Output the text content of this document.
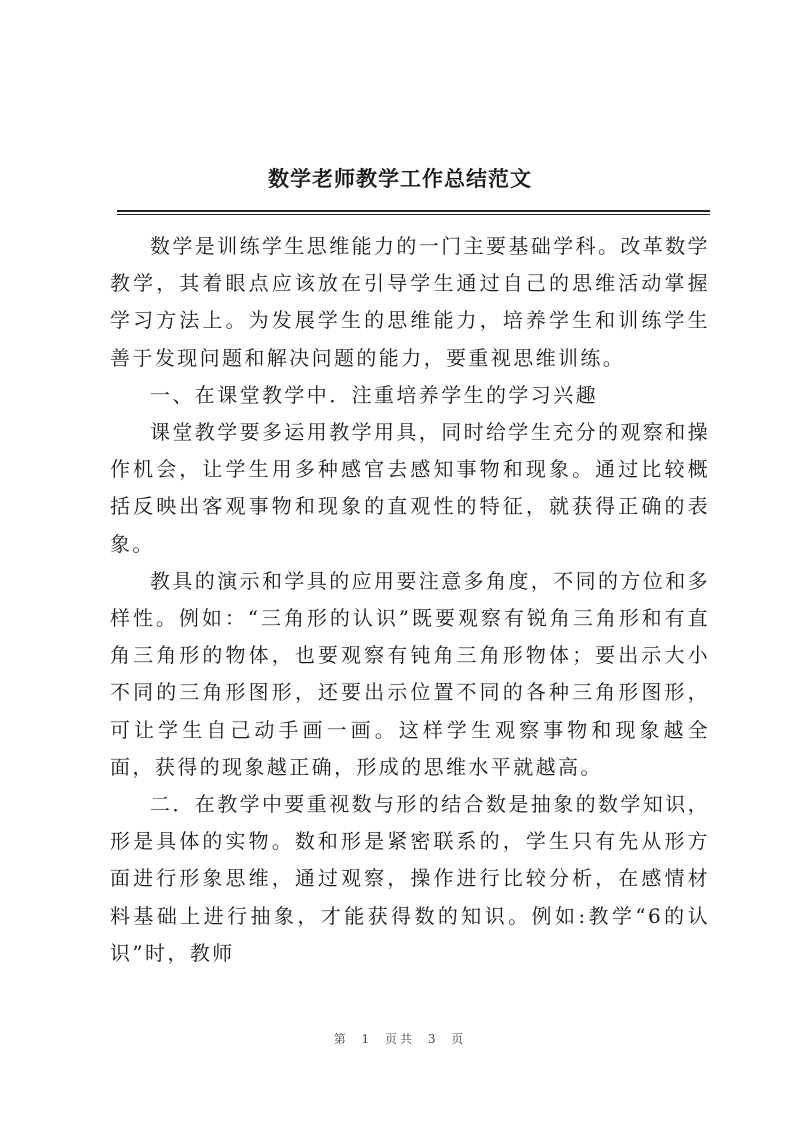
数学老师教学工作总结范文

数学是训练学生思维能力的一门主要基础学科。改革数学教学，其着眼点应该放在引导学生通过自己的思维活动掌握学习方法上。为发展学生的思维能力，培养学生和训练学生善于发现问题和解决问题的能力，要重视思维训练。

一、在课堂教学中．注重培养学生的学习兴趣

课堂教学要多运用教学用具，同时给学生充分的观察和操作机会，让学生用多种感官去感知事物和现象。通过比较概括反映出客观事物和现象的直观性的特征，就获得正确的表象。

教具的演示和学具的应用要注意多角度，不同的方位和多样性。例如：“三角形的认识”既要观察有锐角三角形和有直角三角形的物体，也要观察有钝角三角形物体；要出示大小不同的三角形图形，还要出示位置不同的各种三角形图形，可让学生自己动手画一画。这样学生观察事物和现象越全面，获得的现象越正确，形成的思维水平就越高。

二．在教学中要重视数与形的结合数是抽象的数学知识，形是具体的实物。数和形是紧密联系的，学生只有先从形方面进行形象思维，通过观察，操作进行比较分析，在感情材料基础上进行抽象，才能获得数的知识。例如:教学“6的认识”时，教师

第 1 页共 3 页
